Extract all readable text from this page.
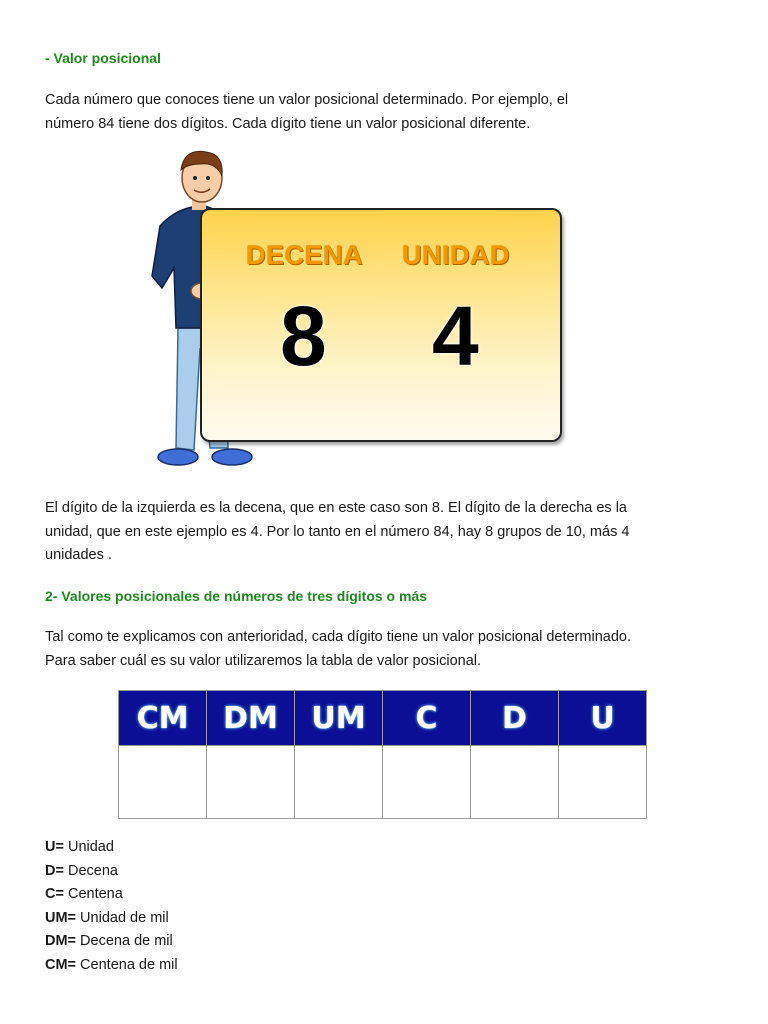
- Valor posicional
Cada número que conoces tiene un valor posicional determinado. Por ejemplo, el
número 84 tiene dos dígitos. Cada dígito tiene un valor posicional diferente.
DECENA UNIDAD
8 4
El dígito de la izquierda es la decena, que en este caso son 8. El dígito de la derecha es la
unidad, que en este ejemplo es 4. Por lo tanto en el número 84, hay 8 grupos de 10, más 4
unidades .
2- Valores posicionales de números de tres dígitos o más
Tal como te explicamos con anterioridad, cada dígito tiene un valor posicional determinado.
Para saber cuál es su valor utilizaremos la tabla de valor posicional.
CM	DM	UM	C	D	U

U= Unidad
D= Decena
C= Centena
UM= Unidad de mil
DM= Decena de mil
CM= Centena de mil
